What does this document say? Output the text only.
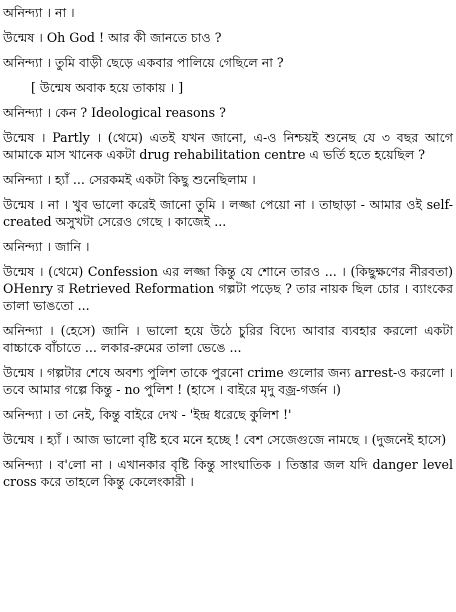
অনিন্দ্যা । না ।

উন্মেষ । Oh God ! আর কী জানতে চাও ?

অনিন্দ্যা । তুমি বাড়ী ছেড়ে একবার পালিয়ে গেছিলে না ?

[ উন্মেষ অবাক হয়ে তাকায় । ]

অনিন্দ্যা । কেন ? Ideological reasons ?

উন্মেষ । Partly । (থেমে) এতই যখন জানো, এ-ও নিশ্চয়ই শুনেছ যে ৩ বছর আগে আমাকে মাস খানেক একটা drug rehabilitation centre এ ভর্তি হতে হয়েছিল ?

অনিন্দ্যা । হ্যাঁ ... সেরকমই একটা কিছু শুনেছিলাম ।

উন্মেষ । না । খুব ভালো করেই জানো তুমি । লজ্জা পেয়ো না । তাছাড়া - আমার ওই self-created অসুখটা সেরেও গেছে । কাজেই ...

অনিন্দ্যা । জানি ।

উন্মেষ । (থেমে) Confession এর লজ্জা কিন্তু যে শোনে তারও ... । (কিছুক্ষণের নীরবতা) OHenry র Retrieved Reformation গল্পটা পড়েছ ? তার নায়ক ছিল চোর । ব্যাংকের তালা ভাঙতো ...

অনিন্দ্যা । (হেসে) জানি । ভালো হয়ে উঠে চুরির বিদ্যে আবার ব্যবহার করলো একটা বাচ্চাকে বাঁচাতে ... লকার-রুমের তালা ভেঙে ...

উন্মেষ । গল্পটার শেষে অবশ্য পুলিশ তাকে পুরনো crime গুলোর জন্য arrest-ও করলো । তবে আমার গল্পে কিন্তু - no পুলিশ ! (হাসে । বাইরে মৃদু বজ্র-গর্জন ।)

অনিন্দ্যা । তা নেই, কিন্তু বাইরে দেখ - 'ইন্দ্র ধরেছে কুলিশ !'

উন্মেষ । হ্যাঁ । আজ ভালো বৃষ্টি হবে মনে হচ্ছে ! বেশ সেজেগুজে নামছে । (দুজনেই হাসে)

অনিন্দ্যা । ব'লো না । এখানকার বৃষ্টি কিন্তু সাংঘাতিক । তিস্তার জল যদি danger level cross করে তাহলে কিন্তু কেলেংকারী ।
